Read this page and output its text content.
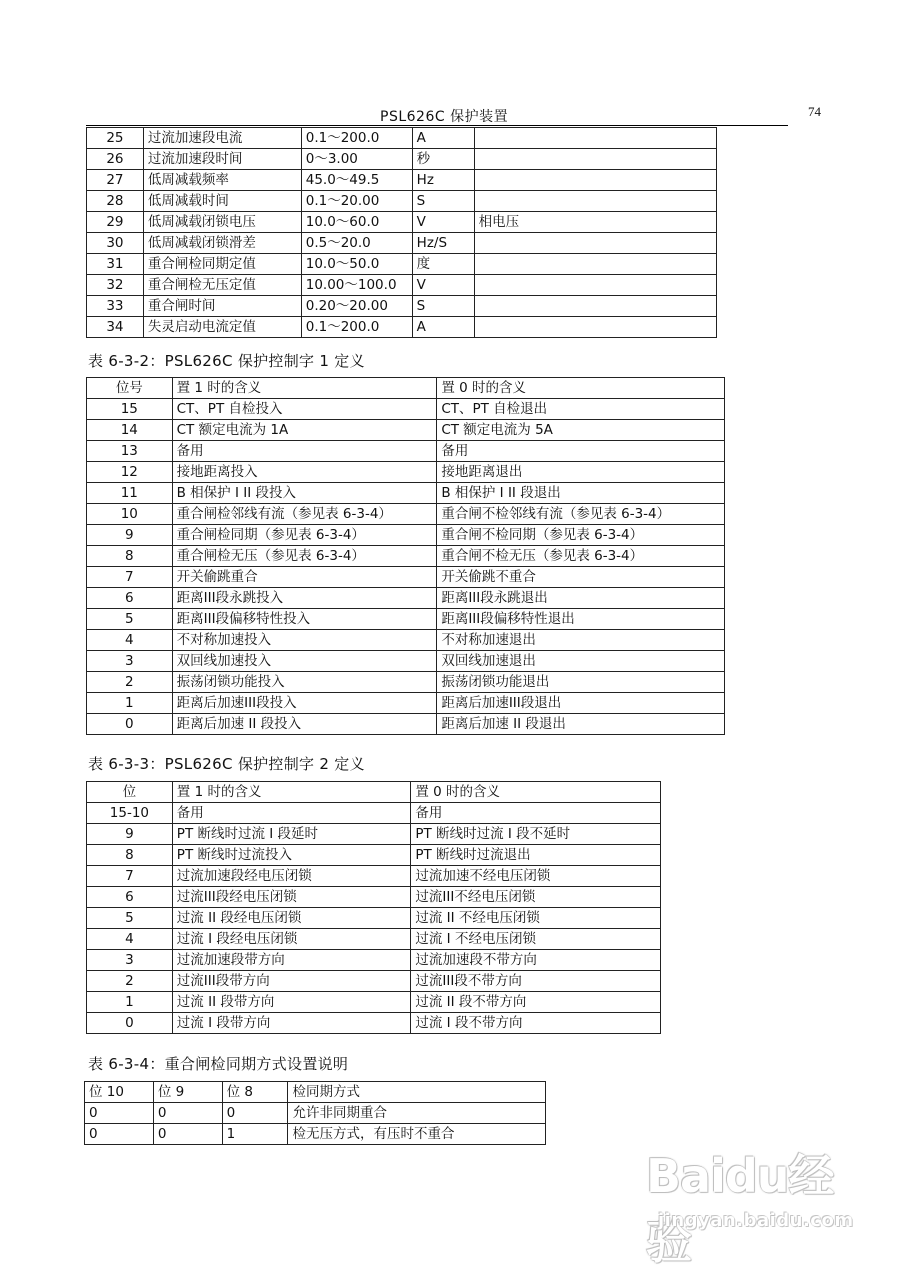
PSL626C 保护装置	74
25	过流加速段电流	0.1～200.0	A	
26	过流加速段时间	0～3.00	秒	
27	低周减载频率	45.0～49.5	Hz	
28	低周减载时间	0.1～20.00	S	
29	低周减载闭锁电压	10.0～60.0	V	相电压
30	低周减载闭锁滑差	0.5～20.0	Hz/S	
31	重合闸检同期定值	10.0～50.0	度	
32	重合闸检无压定值	10.00～100.0	V	
33	重合闸时间	0.20～20.00	S	
34	失灵启动电流定值	0.1～200.0	A	
表 6-3-2：PSL626C 保护控制字 1 定义
位号	置 1 时的含义	置 0 时的含义
15	CT、PT 自检投入	CT、PT 自检退出
14	CT 额定电流为 1A	CT 额定电流为 5A
13	备用	备用
12	接地距离投入	接地距离退出
11	B 相保护 I II 段投入	B 相保护 I II 段退出
10	重合闸检邻线有流（参见表 6-3-4）	重合闸不检邻线有流（参见表 6-3-4）
9	重合闸检同期（参见表 6-3-4）	重合闸不检同期（参见表 6-3-4）
8	重合闸检无压（参见表 6-3-4）	重合闸不检无压（参见表 6-3-4）
7	开关偷跳重合	开关偷跳不重合
6	距离III段永跳投入	距离III段永跳退出
5	距离III段偏移特性投入	距离III段偏移特性退出
4	不对称加速投入	不对称加速退出
3	双回线加速投入	双回线加速退出
2	振荡闭锁功能投入	振荡闭锁功能退出
1	距离后加速III段投入	距离后加速III段退出
0	距离后加速 II 段投入	距离后加速 II 段退出
表 6-3-3：PSL626C 保护控制字 2 定义
位	置 1 时的含义	置 0 时的含义
15-10	备用	备用
9	PT 断线时过流 I 段延时	PT 断线时过流 I 段不延时
8	PT 断线时过流投入	PT 断线时过流退出
7	过流加速段经电压闭锁	过流加速不经电压闭锁
6	过流III段经电压闭锁	过流III不经电压闭锁
5	过流 II 段经电压闭锁	过流 II 不经电压闭锁
4	过流 I 段经电压闭锁	过流 I 不经电压闭锁
3	过流加速段带方向	过流加速段不带方向
2	过流III段带方向	过流III段不带方向
1	过流 II 段带方向	过流 II 段不带方向
0	过流 I 段带方向	过流 I 段不带方向
表 6-3-4：重合闸检同期方式设置说明
位 10	位 9	位 8	检同期方式
0	0	0	允许非同期重合
0	0	1	检无压方式，有压时不重合
Baidu经验
jingyan.baidu.com
